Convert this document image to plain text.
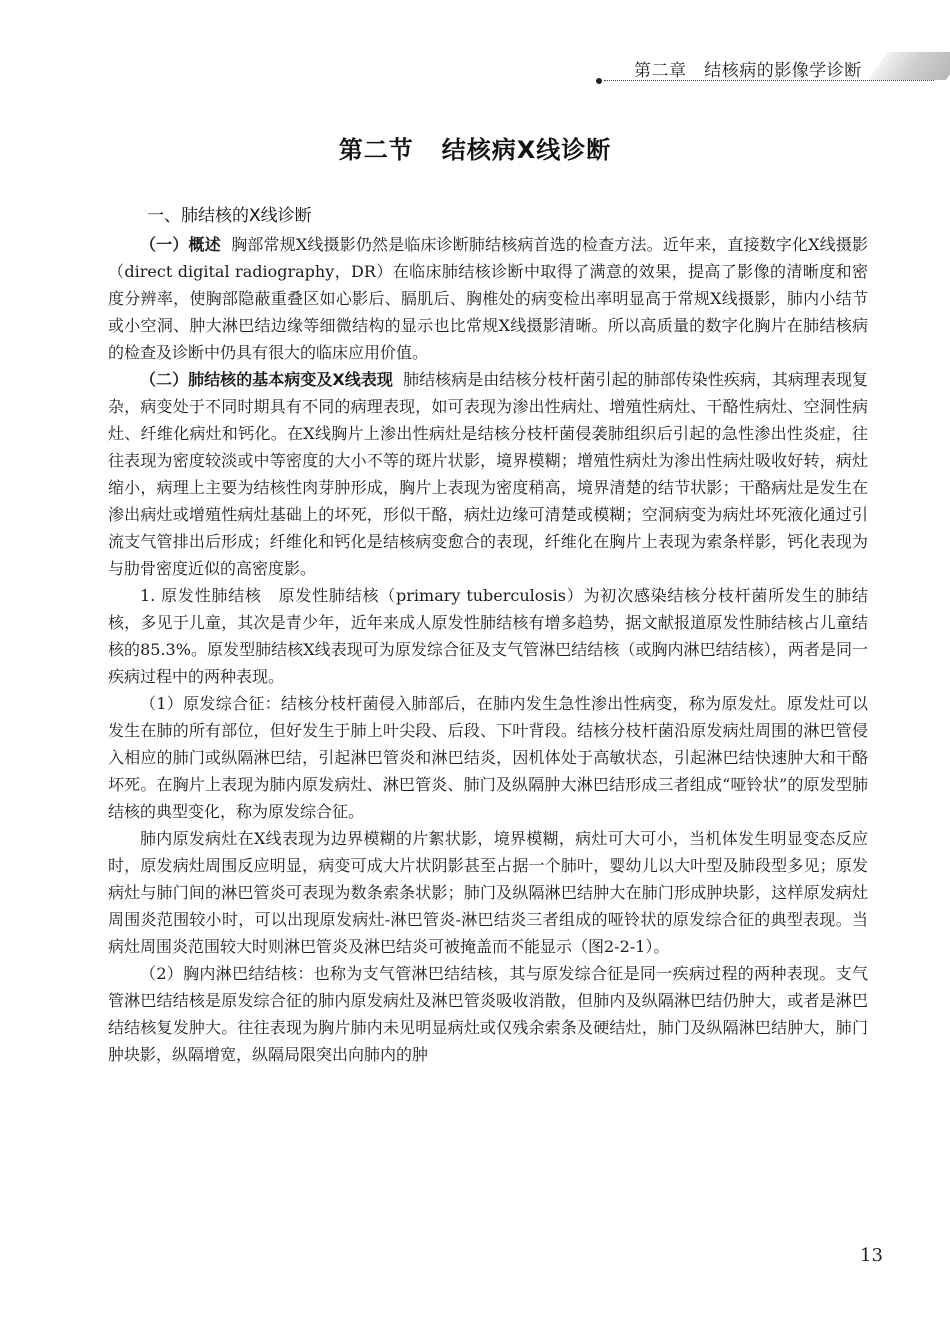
第二章 结核病的影像学诊断
第二节 结核病X线诊断
一、肺结核的X线诊断

（一）概述 胸部常规X线摄影仍然是临床诊断肺结核病首选的检查方法。近年来，直接数字化X线摄影（direct digital radiography，DR）在临床肺结核诊断中取得了满意的效果，提高了影像的清晰度和密度分辨率，使胸部隐蔽重叠区如心影后、膈肌后、胸椎处的病变检出率明显高于常规X线摄影，肺内小结节或小空洞、肿大淋巴结边缘等细微结构的显示也比常规X线摄影清晰。所以高质量的数字化胸片在肺结核病的检查及诊断中仍具有很大的临床应用价值。

（二）肺结核的基本病变及X线表现 肺结核病是由结核分枝杆菌引起的肺部传染性疾病，其病理表现复杂，病变处于不同时期具有不同的病理表现，如可表现为渗出性病灶、增殖性病灶、干酪性病灶、空洞性病灶、纤维化病灶和钙化。在X线胸片上渗出性病灶是结核分枝杆菌侵袭肺组织后引起的急性渗出性炎症，往往表现为密度较淡或中等密度的大小不等的斑片状影，境界模糊；增殖性病灶为渗出性病灶吸收好转，病灶缩小，病理上主要为结核性肉芽肿形成，胸片上表现为密度稍高，境界清楚的结节状影；干酪病灶是发生在渗出病灶或增殖性病灶基础上的坏死，形似干酪，病灶边缘可清楚或模糊；空洞病变为病灶坏死液化通过引流支气管排出后形成；纤维化和钙化是结核病变愈合的表现，纤维化在胸片上表现为索条样影，钙化表现为与肋骨密度近似的高密度影。

1. 原发性肺结核　原发性肺结核（primary tuberculosis）为初次感染结核分枝杆菌所发生的肺结核，多见于儿童，其次是青少年，近年来成人原发性肺结核有增多趋势，据文献报道原发性肺结核占儿童结核的85.3%。原发型肺结核X线表现可为原发综合征及支气管淋巴结结核（或胸内淋巴结结核），两者是同一疾病过程中的两种表现。

（1）原发综合征：结核分枝杆菌侵入肺部后，在肺内发生急性渗出性病变，称为原发灶。原发灶可以发生在肺的所有部位，但好发生于肺上叶尖段、后段、下叶背段。结核分枝杆菌沿原发病灶周围的淋巴管侵入相应的肺门或纵隔淋巴结，引起淋巴管炎和淋巴结炎，因机体处于高敏状态，引起淋巴结快速肿大和干酪坏死。在胸片上表现为肺内原发病灶、淋巴管炎、肺门及纵隔肿大淋巴结形成三者组成“哑铃状”的原发型肺结核的典型变化，称为原发综合征。

肺内原发病灶在X线表现为边界模糊的片絮状影，境界模糊，病灶可大可小，当机体发生明显变态反应时，原发病灶周围反应明显，病变可成大片状阴影甚至占据一个肺叶，婴幼儿以大叶型及肺段型多见；原发病灶与肺门间的淋巴管炎可表现为数条索条状影；肺门及纵隔淋巴结肿大在肺门形成肿块影，这样原发病灶周围炎范围较小时，可以出现原发病灶-淋巴管炎-淋巴结炎三者组成的哑铃状的原发综合征的典型表现。当病灶周围炎范围较大时则淋巴管炎及淋巴结炎可被掩盖而不能显示（图2-2-1）。

（2）胸内淋巴结结核：也称为支气管淋巴结结核，其与原发综合征是同一疾病过程的两种表现。支气管淋巴结结核是原发综合征的肺内原发病灶及淋巴管炎吸收消散，但肺内及纵隔淋巴结仍肿大，或者是淋巴结结核复发肿大。往往表现为胸片肺内未见明显病灶或仅残余索条及硬结灶，肺门及纵隔淋巴结肿大，肺门肿块影，纵隔增宽，纵隔局限突出向肺内的肿

13
